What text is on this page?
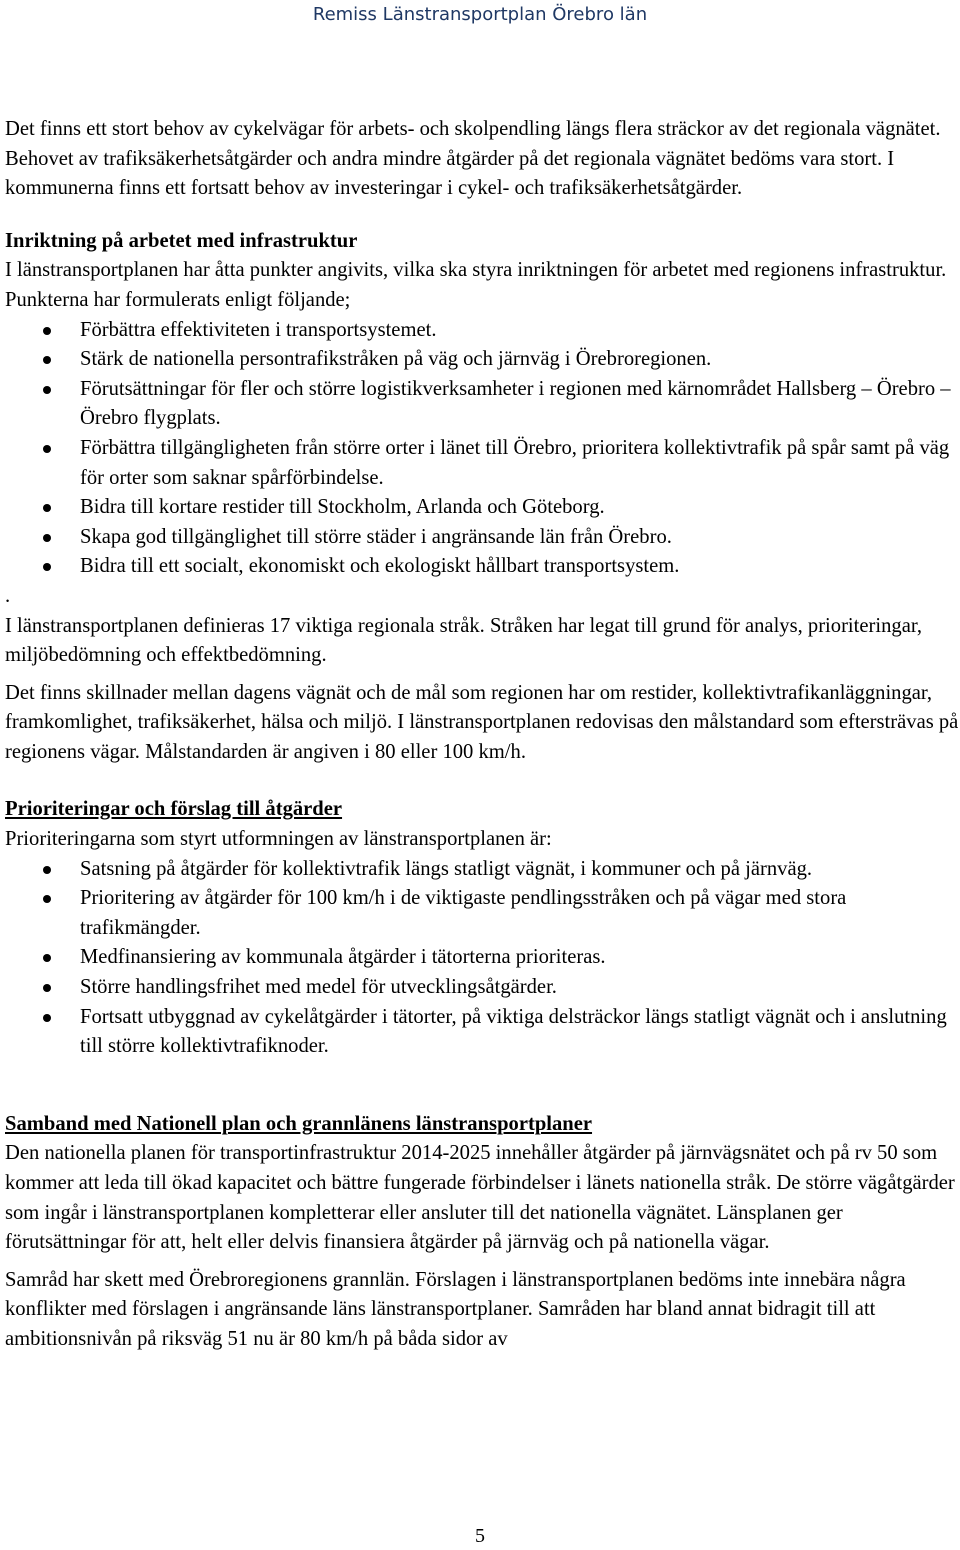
Remiss Länstransportplan Örebro län

Det finns ett stort behov av cykelvägar för arbets- och skolpendling längs flera sträckor av det regionala vägnätet. Behovet av trafiksäkerhetsåtgärder och andra mindre åtgärder på det regionala vägnätet bedöms vara stort. I kommunerna finns ett fortsatt behov av investeringar i cykel- och trafiksäkerhetsåtgärder.

Inriktning på arbetet med infrastruktur

I länstransportplanen har åtta punkter angivits, vilka ska styra inriktningen för arbetet med regionens infrastruktur. Punkterna har formulerats enligt följande;

Förbättra effektiviteten i transportsystemet.
Stärk de nationella persontrafikstråken på väg och järnväg i Örebroregionen.
Förutsättningar för fler och större logistikverksamheter i regionen med kärnområdet Hallsberg – Örebro – Örebro flygplats.
Förbättra tillgängligheten från större orter i länet till Örebro, prioritera kollektivtrafik på spår samt på väg för orter som saknar spårförbindelse.
Bidra till kortare restider till Stockholm, Arlanda och Göteborg.
Skapa god tillgänglighet till större städer i angränsande län från Örebro.
Bidra till ett socialt, ekonomiskt och ekologiskt hållbart transportsystem.

.

I länstransportplanen definieras 17 viktiga regionala stråk. Stråken har legat till grund för analys, prioriteringar, miljöbedömning och effektbedömning.

Det finns skillnader mellan dagens vägnät och de mål som regionen har om restider, kollektivtrafikanläggningar, framkomlighet, trafiksäkerhet, hälsa och miljö. I länstransportplanen redovisas den målstandard som eftersträvas på regionens vägar. Målstandarden är angiven i 80 eller 100 km/h.

Prioriteringar och förslag till åtgärder

Prioriteringarna som styrt utformningen av länstransportplanen är:

Satsning på åtgärder för kollektivtrafik längs statligt vägnät, i kommuner och på järnväg.
Prioritering av åtgärder för 100 km/h i de viktigaste pendlingsstråken och på vägar med stora trafikmängder.
Medfinansiering av kommunala åtgärder i tätorterna prioriteras.
Större handlingsfrihet med medel för utvecklingsåtgärder.
Fortsatt utbyggnad av cykelåtgärder i tätorter, på viktiga delsträckor längs statligt vägnät och i anslutning till större kollektivtrafiknoder.

Samband med Nationell plan och grannlänens länstransportplaner

Den nationella planen för transportinfrastruktur 2014-2025 innehåller åtgärder på järnvägsnätet och på rv 50 som kommer att leda till ökad kapacitet och bättre fungerade förbindelser i länets nationella stråk. De större vägåtgärder som ingår i länstransportplanen kompletterar eller ansluter till det nationella vägnätet. Länsplanen ger förutsättningar för att, helt eller delvis finansiera åtgärder på järnväg och på nationella vägar.

Samråd har skett med Örebroregionens grannlän. Förslagen i länstransportplanen bedöms inte innebära några konflikter med förslagen i angränsande läns länstransportplaner. Samråden har bland annat bidragit till att ambitionsnivån på riksväg 51 nu är 80 km/h på båda sidor av

5
